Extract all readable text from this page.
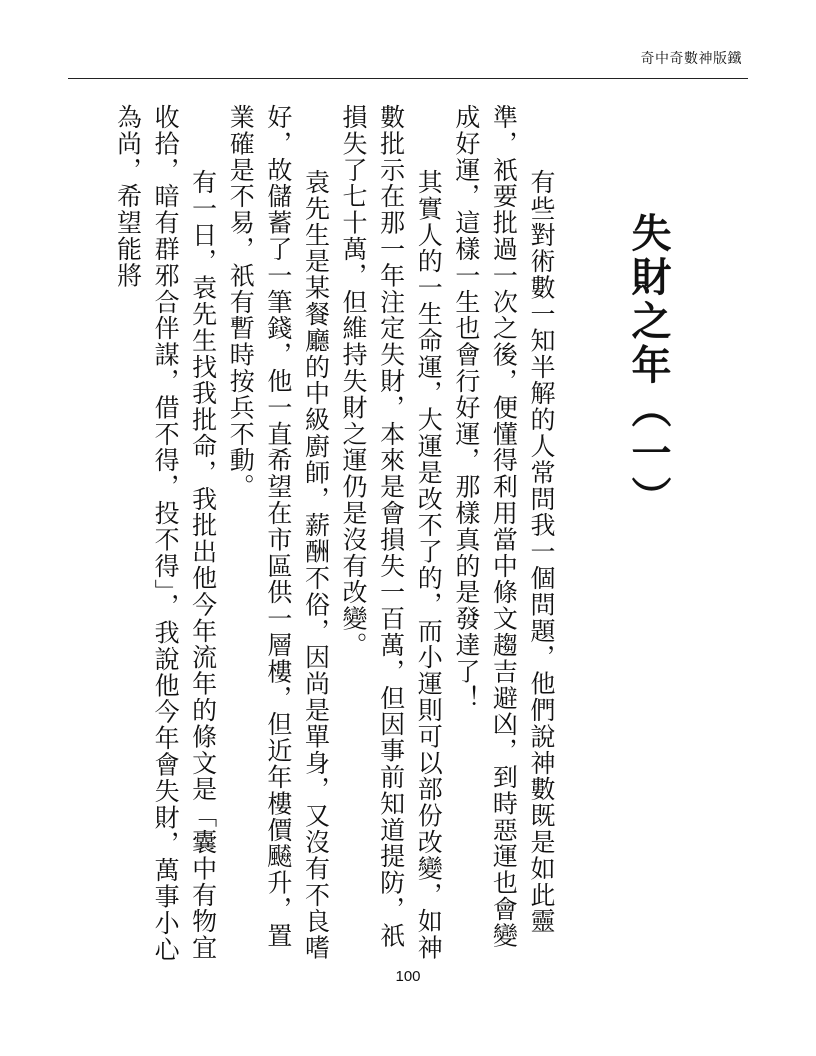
奇中奇數神版鐵
失財之年（一）

有些對術數一知半解的人常問我一個問題，他們說神數既是如此靈準，祇要批過一次之後，便懂得利用當中條文趨吉避凶，到時惡運也會變成好運，這樣一生也會行好運，那樣真的是發達了！

其實人的一生命運，大運是改不了的，而小運則可以部份改變，如神數批示在那一年注定失財，本來是會損失一百萬，但因事前知道提防，祇損失了七十萬，但維持失財之運仍是沒有改變。

袁先生是某餐廳的中級廚師，薪酬不俗，因尚是單身，又沒有不良嗜好，故儲蓄了一筆錢，他一直希望在市區供一層樓，但近年樓價飇升，置業確是不易，祇有暫時按兵不動。

有一日，袁先生找我批命，我批出他今年流年的條文是「囊中有物宜收拾，暗有群邪合伴謀，借不得，投不得」，我說他今年會失財，萬事小心為尚，希望能將

100
